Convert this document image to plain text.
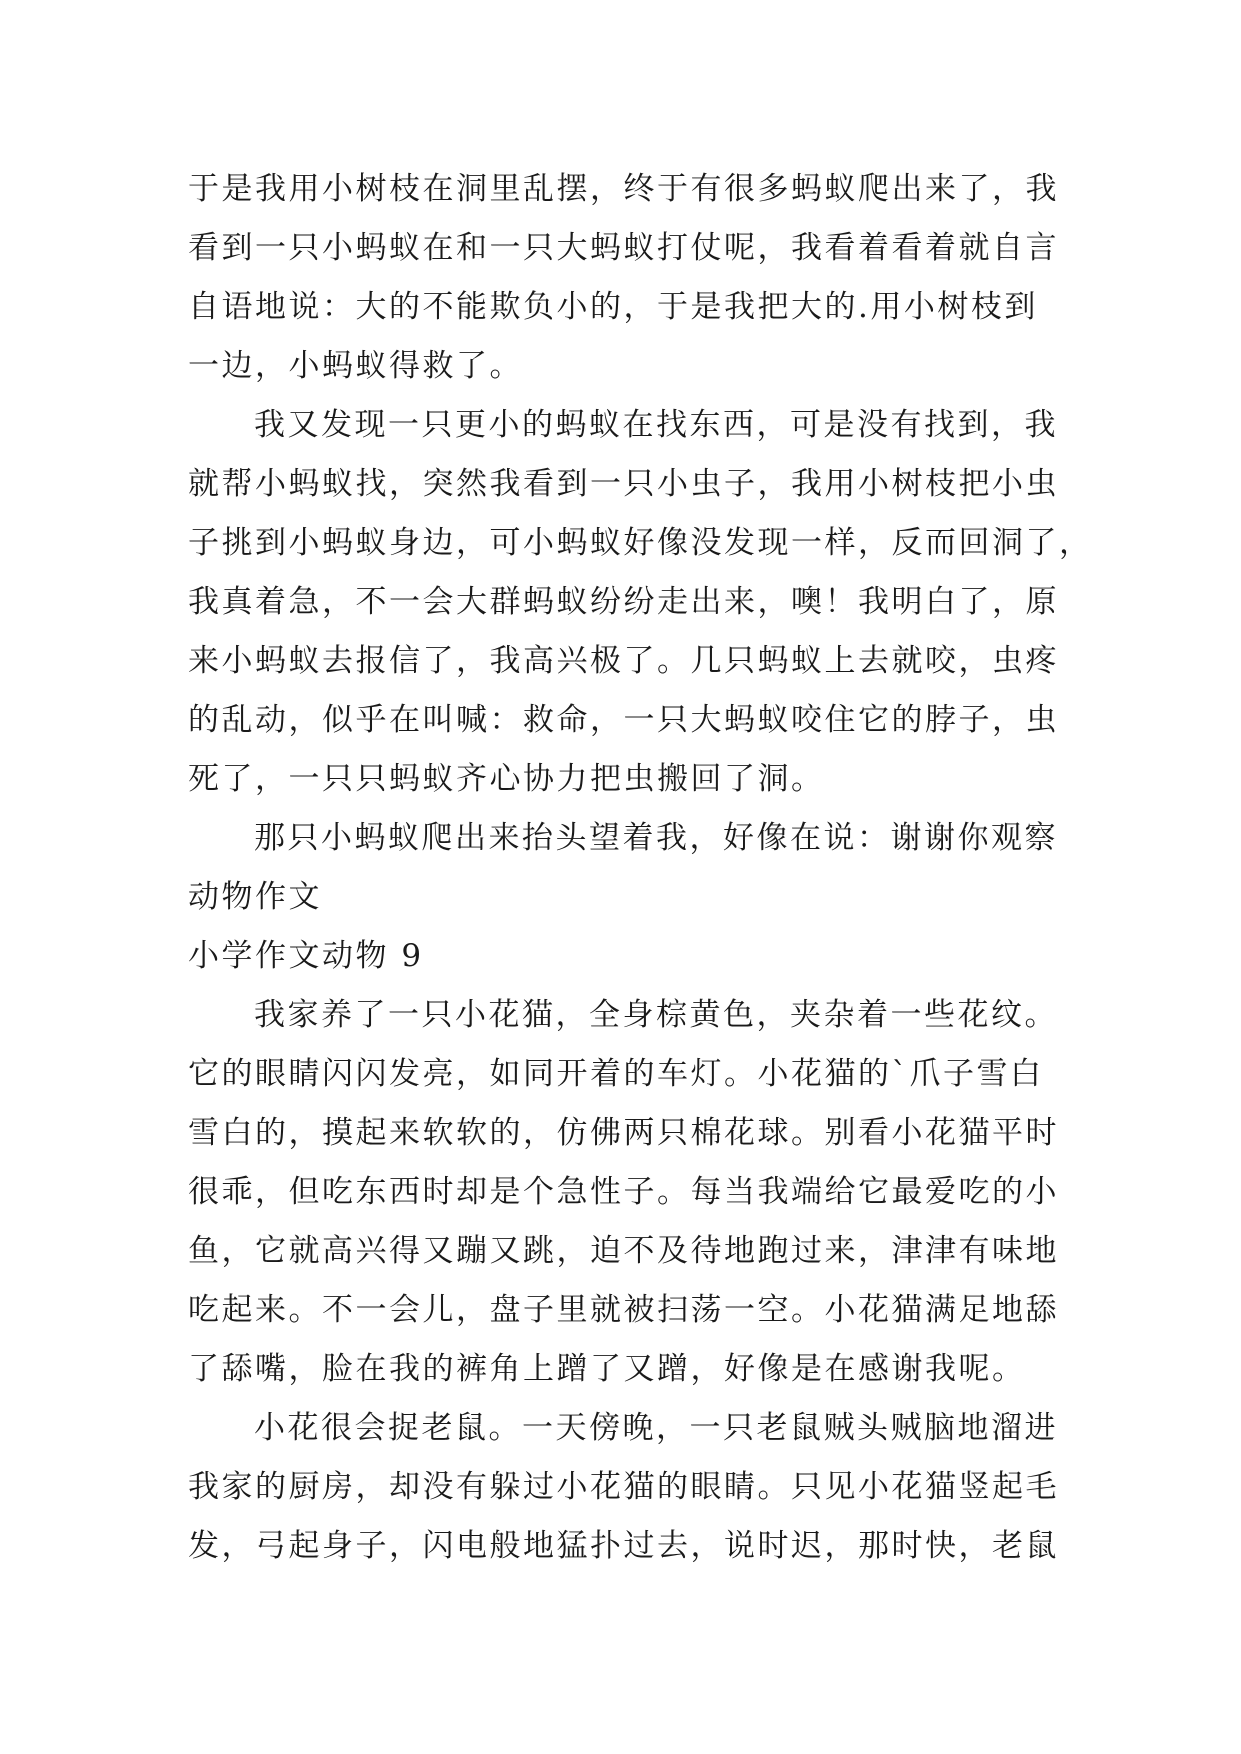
于是我用小树枝在洞里乱摆，终于有很多蚂蚁爬出来了，我

看到一只小蚂蚁在和一只大蚂蚁打仗呢，我看着看着就自言

自语地说：大的不能欺负小的，于是我把大的.用小树枝到

一边，小蚂蚁得救了。

我又发现一只更小的蚂蚁在找东西，可是没有找到，我

就帮小蚂蚁找，突然我看到一只小虫子，我用小树枝把小虫

子挑到小蚂蚁身边，可小蚂蚁好像没发现一样，反而回洞了，

我真着急，不一会大群蚂蚁纷纷走出来，噢！我明白了，原

来小蚂蚁去报信了，我高兴极了。几只蚂蚁上去就咬，虫疼

的乱动，似乎在叫喊：救命，一只大蚂蚁咬住它的脖子，虫

死了，一只只蚂蚁齐心协力把虫搬回了洞。

那只小蚂蚁爬出来抬头望着我，好像在说：谢谢你观察

动物作文

小学作文动物 9

我家养了一只小花猫，全身棕黄色，夹杂着一些花纹。

它的眼睛闪闪发亮，如同开着的车灯。小花猫的`爪子雪白

雪白的，摸起来软软的，仿佛两只棉花球。别看小花猫平时

很乖，但吃东西时却是个急性子。每当我端给它最爱吃的小

鱼，它就高兴得又蹦又跳，迫不及待地跑过来，津津有味地

吃起来。不一会儿，盘子里就被扫荡一空。小花猫满足地舔

了舔嘴，脸在我的裤角上蹭了又蹭，好像是在感谢我呢。

小花很会捉老鼠。一天傍晚，一只老鼠贼头贼脑地溜进

我家的厨房，却没有躲过小花猫的眼睛。只见小花猫竖起毛

发，弓起身子，闪电般地猛扑过去，说时迟，那时快，老鼠
